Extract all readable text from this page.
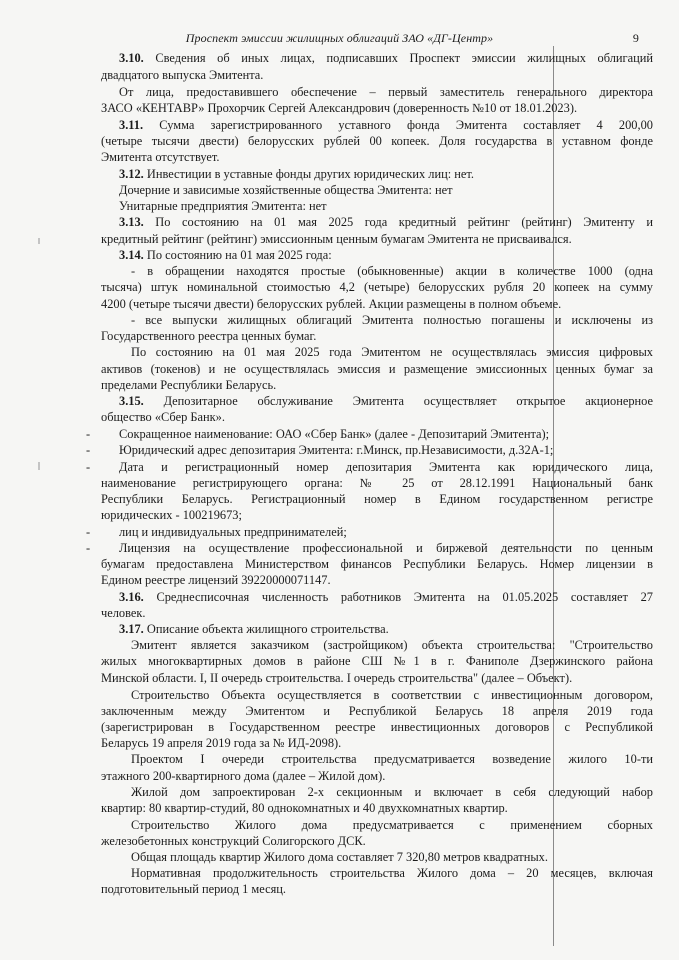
Проспект эмиссии жилищных облигаций ЗАО «ДГ-Центр»	9
3.10. Сведения об иных лицах, подписавших Проспект эмиссии жилищных облигаций
двадцатого выпуска Эмитента.
От лица, предоставившего обеспечение – первый заместитель генерального директора
ЗАСО «КЕНТАВР» Прохорчик Сергей Александрович (доверенность №10 от 18.01.2023).
3.11. Сумма зарегистрированного уставного фонда Эмитента составляет 4 200,00
(четыре тысячи двести) белорусских рублей 00 копеек. Доля государства в уставном фонде
Эмитента отсутствует.
3.12. Инвестиции в уставные фонды других юридических лиц: нет.
Дочерние и зависимые хозяйственные общества Эмитента: нет
Унитарные предприятия Эмитента: нет
3.13. По состоянию на 01 мая 2025 года кредитный рейтинг (рейтинг) Эмитенту и
кредитный рейтинг (рейтинг) эмиссионным ценным бумагам Эмитента не присваивался.
3.14. По состоянию на 01 мая 2025 года:
- в обращении находятся простые (обыкновенные) акции в количестве 1000 (одна
тысяча) штук номинальной стоимостью 4,2 (четыре) белорусских рубля 20 копеек на сумму
4200 (четыре тысячи двести) белорусских рублей. Акции размещены в полном объеме.
- все выпуски жилищных облигаций Эмитента полностью погашены и исключены из
Государственного реестра ценных бумаг.
По состоянию на 01 мая 2025 года Эмитентом не осуществлялась эмиссия цифровых
активов (токенов) и не осуществлялась эмиссия и размещение эмиссионных ценных бумаг за
пределами Республики Беларусь.
3.15. Депозитарное обслуживание Эмитента осуществляет открытое акционерное
общество «Сбер Банк».
Сокращенное наименование: ОАО «Сбер Банк» (далее - Депозитарий Эмитента);
-
Юридический адрес депозитария Эмитента: г.Минск, пр.Независимости, д.32А-1;
-
Дата и регистрационный номер депозитария Эмитента как юридического лица,
-
наименование регистрирующего органа: № 25 от 28.12.1991 Национальный банк
Республики Беларусь. Регистрационный номер в Едином государственном регистре
юридических - 100219673;
лиц и индивидуальных предпринимателей;
-
Лицензия на осуществление профессиональной и биржевой деятельности по ценным
-
бумагам предоставлена Министерством финансов Республики Беларусь. Номер лицензии в
Едином реестре лицензий 39220000071147.
3.16. Среднесписочная численность работников Эмитента на 01.05.2025 составляет 27
человек.
3.17. Описание объекта жилищного строительства.
Эмитент является заказчиком (застройщиком) объекта строительства: "Строительство
жилых многоквартирных домов в районе СШ №1 в г. Фаниполе Дзержинского района
Минской области. I, II очередь строительства. I очередь строительства" (далее – Объект).
Строительство Объекта осуществляется в соответствии с инвестиционным договором,
заключенным между Эмитентом и Республикой Беларусь 18 апреля 2019 года
(зарегистрирован в Государственном реестре инвестиционных договоров с Республикой
Беларусь 19 апреля 2019 года за № ИД-2098).
Проектом I очереди строительства предусматривается возведение жилого 10-ти
этажного 200-квартирного дома (далее – Жилой дом).
Жилой дом запроектирован 2-х секционным и включает в себя следующий набор
квартир: 80 квартир-студий, 80 однокомнатных и 40 двухкомнатных квартир.
Строительство Жилого дома предусматривается с применением сборных
железобетонных конструкций Солигорского ДСК.
Общая площадь квартир Жилого дома составляет 7 320,80 метров квадратных.
Нормативная продолжительность строительства Жилого дома – 20 месяцев, включая
подготовительный период 1 месяц.
